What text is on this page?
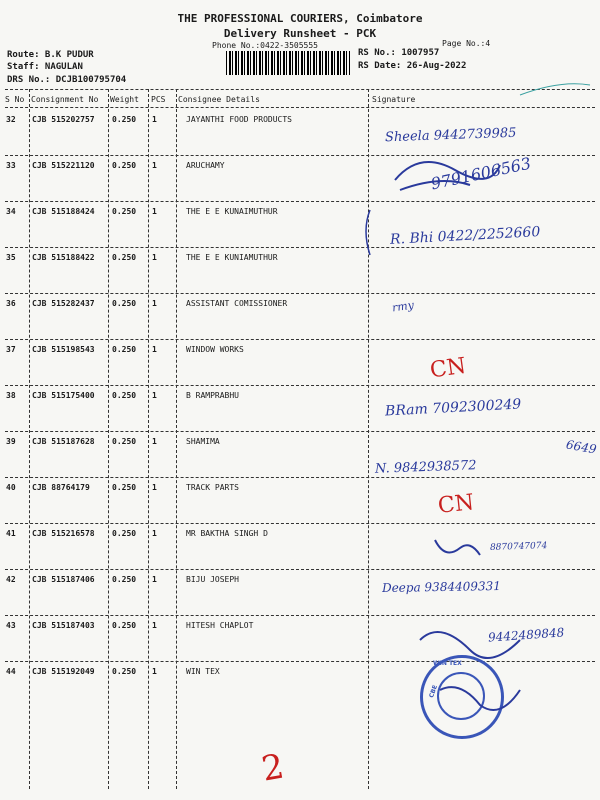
THE PROFESSIONAL COURIERS, Coimbatore
Delivery Runsheet - PCK
Phone No.:0422-3505555	Page No.:4
Route: B.K PUDUR
Staff: NAGULAN
DRS No.: DCJB100795704
RS No.: 1007957
RS Date: 26-Aug-2022
S No Consignment No Weight PCS Consignee Details	Signature
32 CJB 515202757 0.250 1	JAYANTHI FOOD PRODUCTS
Sheela 9442739985
33 CJB 515221120 0.250 1	ARUCHAMY	9791606563
34 CJB 515188424 0.250 1	THE E E KUNAIMUTHUR
R. Bhi 0422/2252660
35 CJB 515188422 0.250 1	THE E E KUNIAMUTHUR
36 CJB 515282437 0.250 1	ASSISTANT COMISSIONER	rmy
37 CJB 515198543 0.250 1	WINDOW WORKS
CN
38 CJB 515175400 0.250 1	B RAMPRABHU
BRam 7092300249
39 CJB 515187628 0.250 1	SHAMIMA
N. 9842938572
6649
40 CJB 88764179	0.250 1	TRACK PARTS
CN
41 CJB 515216578 0.250 1	MR BAKTHA SINGH D
8870747074
42 CJB 515187406 0.250 1	BIJU JOSEPH	Deepa 9384409331
43 CJB 515187403 0.250 1	HITESH CHAPLOT	9442489848
44 CJB 515192049 0.250 1	WIN TEX
WIN TEX
CBE
2
